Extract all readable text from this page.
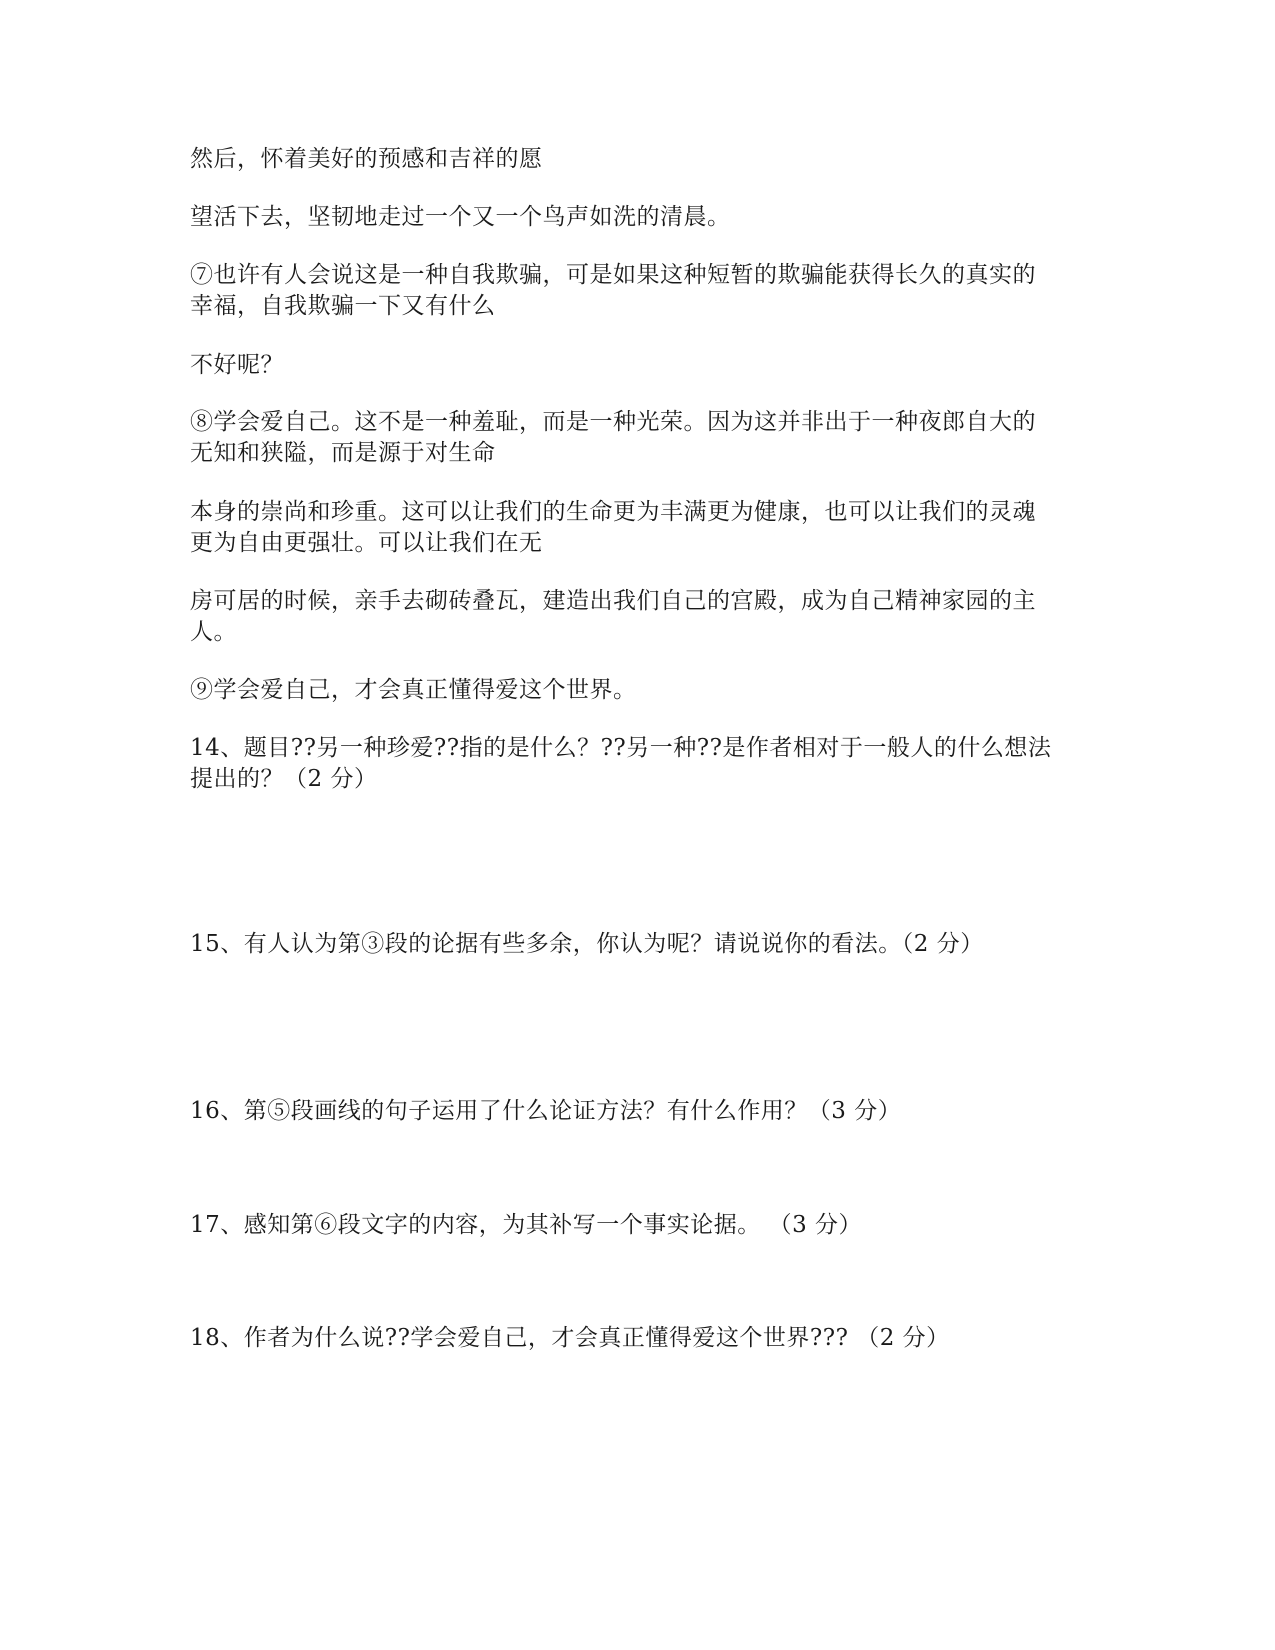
然后，怀着美好的预感和吉祥的愿
望活下去，坚韧地走过一个又一个鸟声如洗的清晨。
⑦也许有人会说这是一种自我欺骗，可是如果这种短暂的欺骗能获得长久的真实的
幸福，自我欺骗一下又有什么
不好呢？
⑧学会爱自己。这不是一种羞耻，而是一种光荣。因为这并非出于一种夜郎自大的
无知和狭隘，而是源于对生命
本身的崇尚和珍重。这可以让我们的生命更为丰满更为健康，也可以让我们的灵魂
更为自由更强壮。可以让我们在无
房可居的时候，亲手去砌砖叠瓦，建造出我们自己的宫殿，成为自己精神家园的主
人。
⑨学会爱自己，才会真正懂得爱这个世界。
14、题目??另一种珍爱??指的是什么？??另一种??是作者相对于一般人的什么想法
提出的？（2 分）
15、有人认为第③段的论据有些多余，你认为呢？请说说你的看法。（2 分）
16、第⑤段画线的句子运用了什么论证方法？有什么作用？（3 分）
17、感知第⑥段文字的内容，为其补写一个事实论据。 （3 分）
18、作者为什么说??学会爱自己，才会真正懂得爱这个世界??? （2 分）
